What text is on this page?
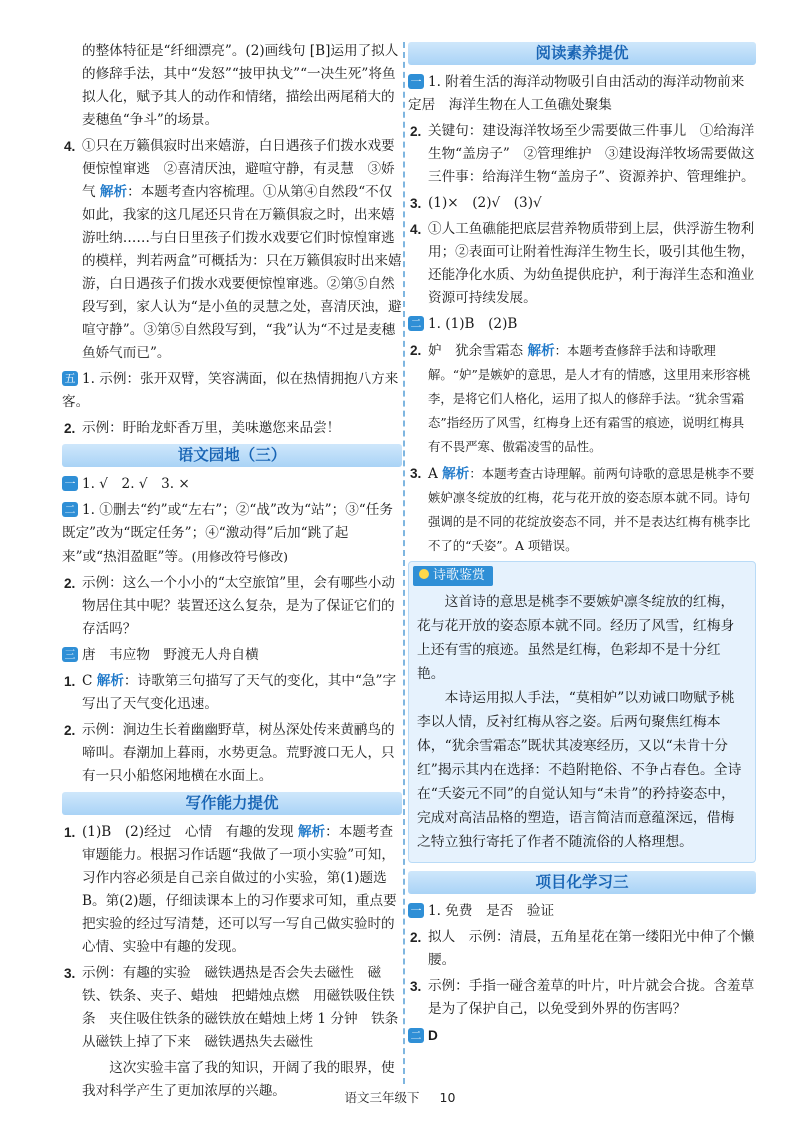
的整体特征是“纤细漂亮”。(2)画线句 [B]运用了拟人的修辞手法，其中“发怒”“披甲执戈”“一决生死”将鱼拟人化，赋予其人的动作和情绪，描绘出两尾稍大的麦穗鱼“争斗”的场景。
4. ①只在万籁俱寂时出来嬉游，白日遇孩子们拨水戏要便惊惶窜逃　②喜清厌浊，避喧守静，有灵慧　③娇气 解析：本题考查内容梳理。①从第④自然段“不仅如此，我家的这几尾还只肯在万籁俱寂之时，出来嬉游吐纳……与白日里孩子们拨水戏要它们时惊惶窜逃的模样，判若两盒”可概括为：只在万籁俱寂时出来嬉游，白日遇孩子们拨水戏要便惊惶窜逃。②第⑤自然段写到，家人认为“是小鱼的灵慧之处，喜清厌浊，避喧守静”。③第⑤自然段写到，“我”认为“不过是麦穗鱼娇气而已”。
五 1. 示例：张开双臂，笑容满面，似在热情拥抱八方来客。
2. 示例：盱眙龙虾香万里，美味邀您来品尝！
语文园地（三）
一 1. √　2. √　3. ×
二 1. ①删去“约”或“左右”；②“战”改为“站”；③“任务既定”改为“既定任务”；④“激动得”后加“跳了起来”或“热泪盈眶”等。(用修改符号修改)
2. 示例：这么一个小小的“太空旅馆”里，会有哪些小动物居住其中呢？装置还这么复杂，是为了保证它们的存活吗？
三 唐　韦应物　野渡无人舟自横
1. C 解析：诗歌第三句描写了天气的变化，其中“急”字写出了天气变化迅速。
2. 示例：涧边生长着幽幽野草，树丛深处传来黄鹂鸟的啼叫。春潮加上暮雨，水势更急。荒野渡口无人，只有一只小船悠闲地横在水面上。
写作能力提优
1. (1)B　(2)经过　心情　有趣的发现 解析：本题考查审题能力。根据习作话题“我做了一项小实验”可知，习作内容必须是自己亲自做过的小实验，第(1)题选B。第(2)题，仔细读课本上的习作要求可知，重点要把实验的经过写清楚，还可以写一写自己做实验时的心情、实验中有趣的发现。
3. 示例：有趣的实验　磁铁遇热是否会失去磁性　磁铁、铁条、夹子、蜡烛　把蜡烛点燃　用磁铁吸住铁条　夹住吸住铁条的磁铁放在蜡烛上烤 1 分钟　铁条从磁铁上掉了下来　磁铁遇热失去磁性
这次实验丰富了我的知识，开阔了我的眼界，使我对科学产生了更加浓厚的兴趣。
阅读素养提优
一 1. 附着生活的海洋动物吸引自由活动的海洋动物前来定居　海洋生物在人工鱼礁处聚集
2. 关键句：建设海洋牧场至少需要做三件事儿　①给海洋生物“盖房子”　②管理维护　③建设海洋牧场需要做这三件事：给海洋生物“盖房子”、资源养护、管理维护。
3. (1)×　(2)√　(3)√
4. ①人工鱼礁能把底层营养物质带到上层，供浮游生物利用；②表面可让附着性海洋生物生长，吸引其他生物，还能净化水质、为幼鱼提供庇护，利于海洋生态和渔业资源可持续发展。
二 1. (1)B　(2)B
2. 妒　犹余雪霜态 解析：本题考查修辞手法和诗歌理解。“妒”是嫉妒的意思，是人才有的情感，这里用来形容桃李，是将它们人格化，运用了拟人的修辞手法。“犹余雪霜态”指经历了风雪，红梅身上还有霜雪的痕迹，说明红梅具有不畏严寒、傲霜凌雪的品性。
3. A 解析：本题考查古诗理解。前两句诗歌的意思是桃李不要嫉妒凛冬绽放的红梅，花与花开放的姿态原本就不同。诗句强调的是不同的花绽放姿态不同，并不是表达红梅有桃李比不了的“夭姿”。A 项错误。
诗歌鉴赏

这首诗的意思是桃李不要嫉妒凛冬绽放的红梅，花与花开放的姿态原本就不同。经历了风雪，红梅身上还有雪的痕迹。虽然是红梅，色彩却不是十分红艳。

本诗运用拟人手法，“莫相妒”以劝诫口吻赋予桃李以人情，反衬红梅从容之姿。后两句聚焦红梅本体，“犹余雪霜态”既状其凌寒经历，又以“未肯十分红”揭示其内在选择：不趋附艳俗、不争占春色。全诗在“夭姿元不同”的自觉认知与“未肯”的矜持姿态中，完成对高洁品格的塑造，语言简洁而意蕴深远，借梅之特立独行寄托了作者不随流俗的人格理想。

项目化学习三
一 1. 免费　是否　验证
2. 拟人　示例：清晨，五角星花在第一缕阳光中伸了个懒腰。
3. 示例：手指一碰含羞草的叶片，叶片就会合拢。含羞草是为了保护自己，以免受到外界的伤害吗？
二 D
语文三年级下 10
